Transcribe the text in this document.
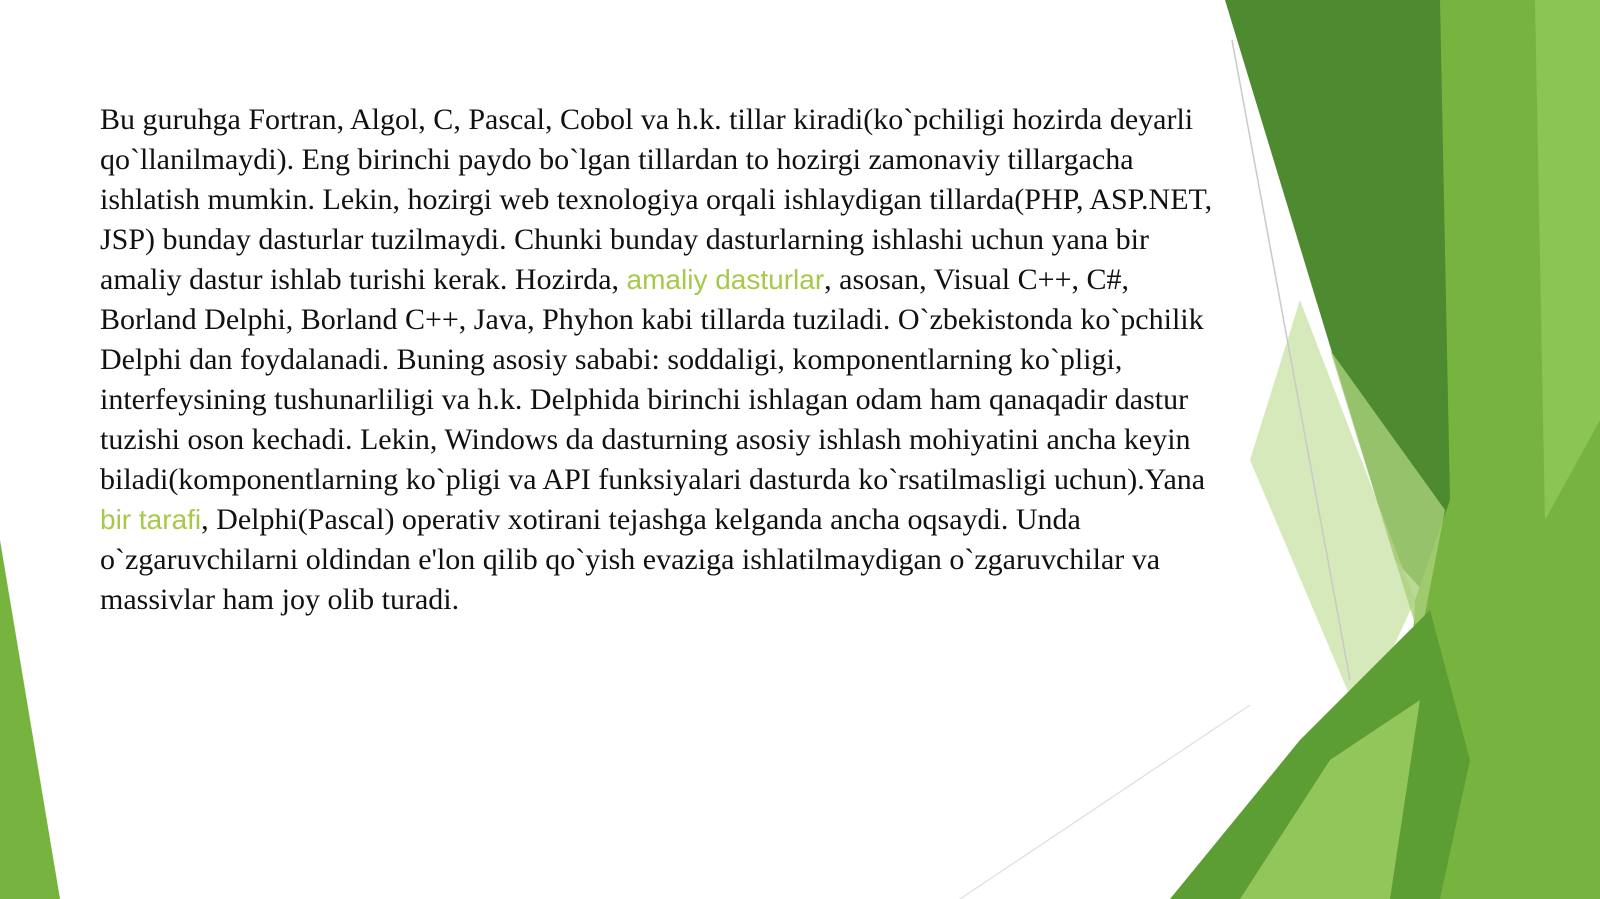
Bu guruhga Fortran, Algol, C, Pascal, Cobol va h.k. tillar kiradi(ko`pchiligi hozirda deyarli qo`llanilmaydi). Eng birinchi paydo bo`lgan tillardan to hozirgi zamonaviy tillargacha ishlatish mumkin. Lekin, hozirgi web texnologiya orqali ishlaydigan tillarda(PHP, ASP.NET, JSP) bunday dasturlar tuzilmaydi. Chunki bunday dasturlarning ishlashi uchun yana bir amaliy dastur ishlab turishi kerak. Hozirda, amaliy dasturlar, asosan, Visual C++, C#, Borland Delphi, Borland C++, Java, Phyhon kabi tillarda tuziladi. O`zbekistonda ko`pchilik Delphi dan foydalanadi. Buning asosiy sababi: soddaligi, komponentlarning ko`pligi, interfeysining tushunarliligi va h.k. Delphida birinchi ishlagan odam ham qanaqadir dastur tuzishi oson kechadi. Lekin, Windows da dasturning asosiy ishlash mohiyatini ancha keyin biladi(komponentlarning ko`pligi va API funksiyalari dasturda ko`rsatilmasligi uchun).Yana bir tarafi, Delphi(Pascal) operativ xotirani tejashga kelganda ancha oqsaydi. Unda o`zgaruvchilarni oldindan e'lon qilib qo`yish evaziga ishlatilmaydigan o`zgaruvchilar va massivlar ham joy olib turadi.
